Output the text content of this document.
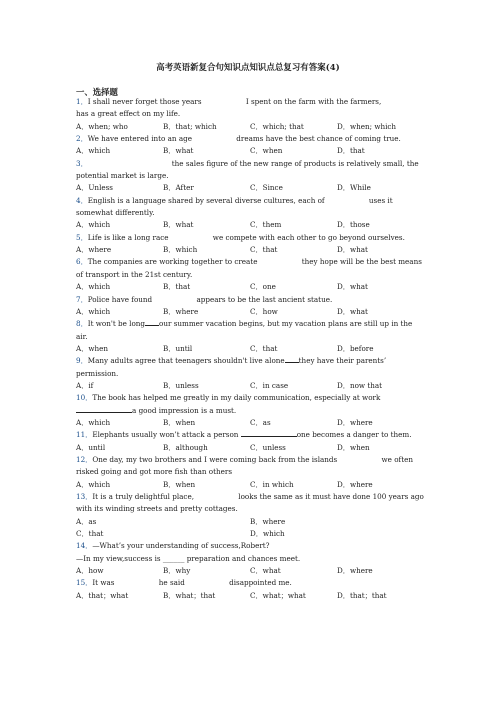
高考英语新复合句知识点知识点总复习有答案(4)
一、选择题
1．I shall never forget those years	I spent on the farm with the farmers, has a great effect on my life.
A．when; who	B．that; which	C．which; that	D．when; which
2．We have entered into an age	dreams have the best chance of coming true.
A．which	B．what	C．when	D．that
3．	the sales figure of the new range of products is relatively small, the potential market is large.
A．Unless	B．After	C．Since	D．While
4．English is a language shared by several diverse cultures, each of	uses it somewhat differently.
A．which	B．what	C．them	D．those
5．Life is like a long race	we compete with each other to go beyond ourselves.
A．where	B．which	C．that	D．what
6．The companies are working together to create	they hope will be the best means of transport in the 21st century.
A．which	B．that	C．one	D．what
7．Police have found	appears to be the last ancient statue.
A．which	B．where	C．how	D．what
8．It won't be long our summer vacation begins, but my vacation plans are still up in the air.
A．when	B．until	C．that	D．before
9．Many adults agree that teenagers shouldn't live alone they have their parents’ permission.
A．if	B．unless	C．in case	D．now that
10．The book has helped me greatly in my daily communication, especially at work a good impression is a must.
A．which	B．when	C．as	D．where
11．Elephants usually won’t attack a person	one becomes a danger to them.
A．until	B．although	C．unless	D．when
12．One day, my two brothers and I were coming back from the islands	we often risked going and got more fish than others
A．which	B．when	C．in which	D．where
13．It is a truly delightful place,	looks the same as it must have done 100 years ago with its winding streets and pretty cottages.
A．as	B．where
C．that	D．which
14．—What’s your understanding of success,Robert?
—In my view,success is ______ preparation and chances meet.
A．how	B．why	C．what	D．where
15．It was	he said	disappointed me.
A．that；what	B．what；that	C．what；what	D．that；that
